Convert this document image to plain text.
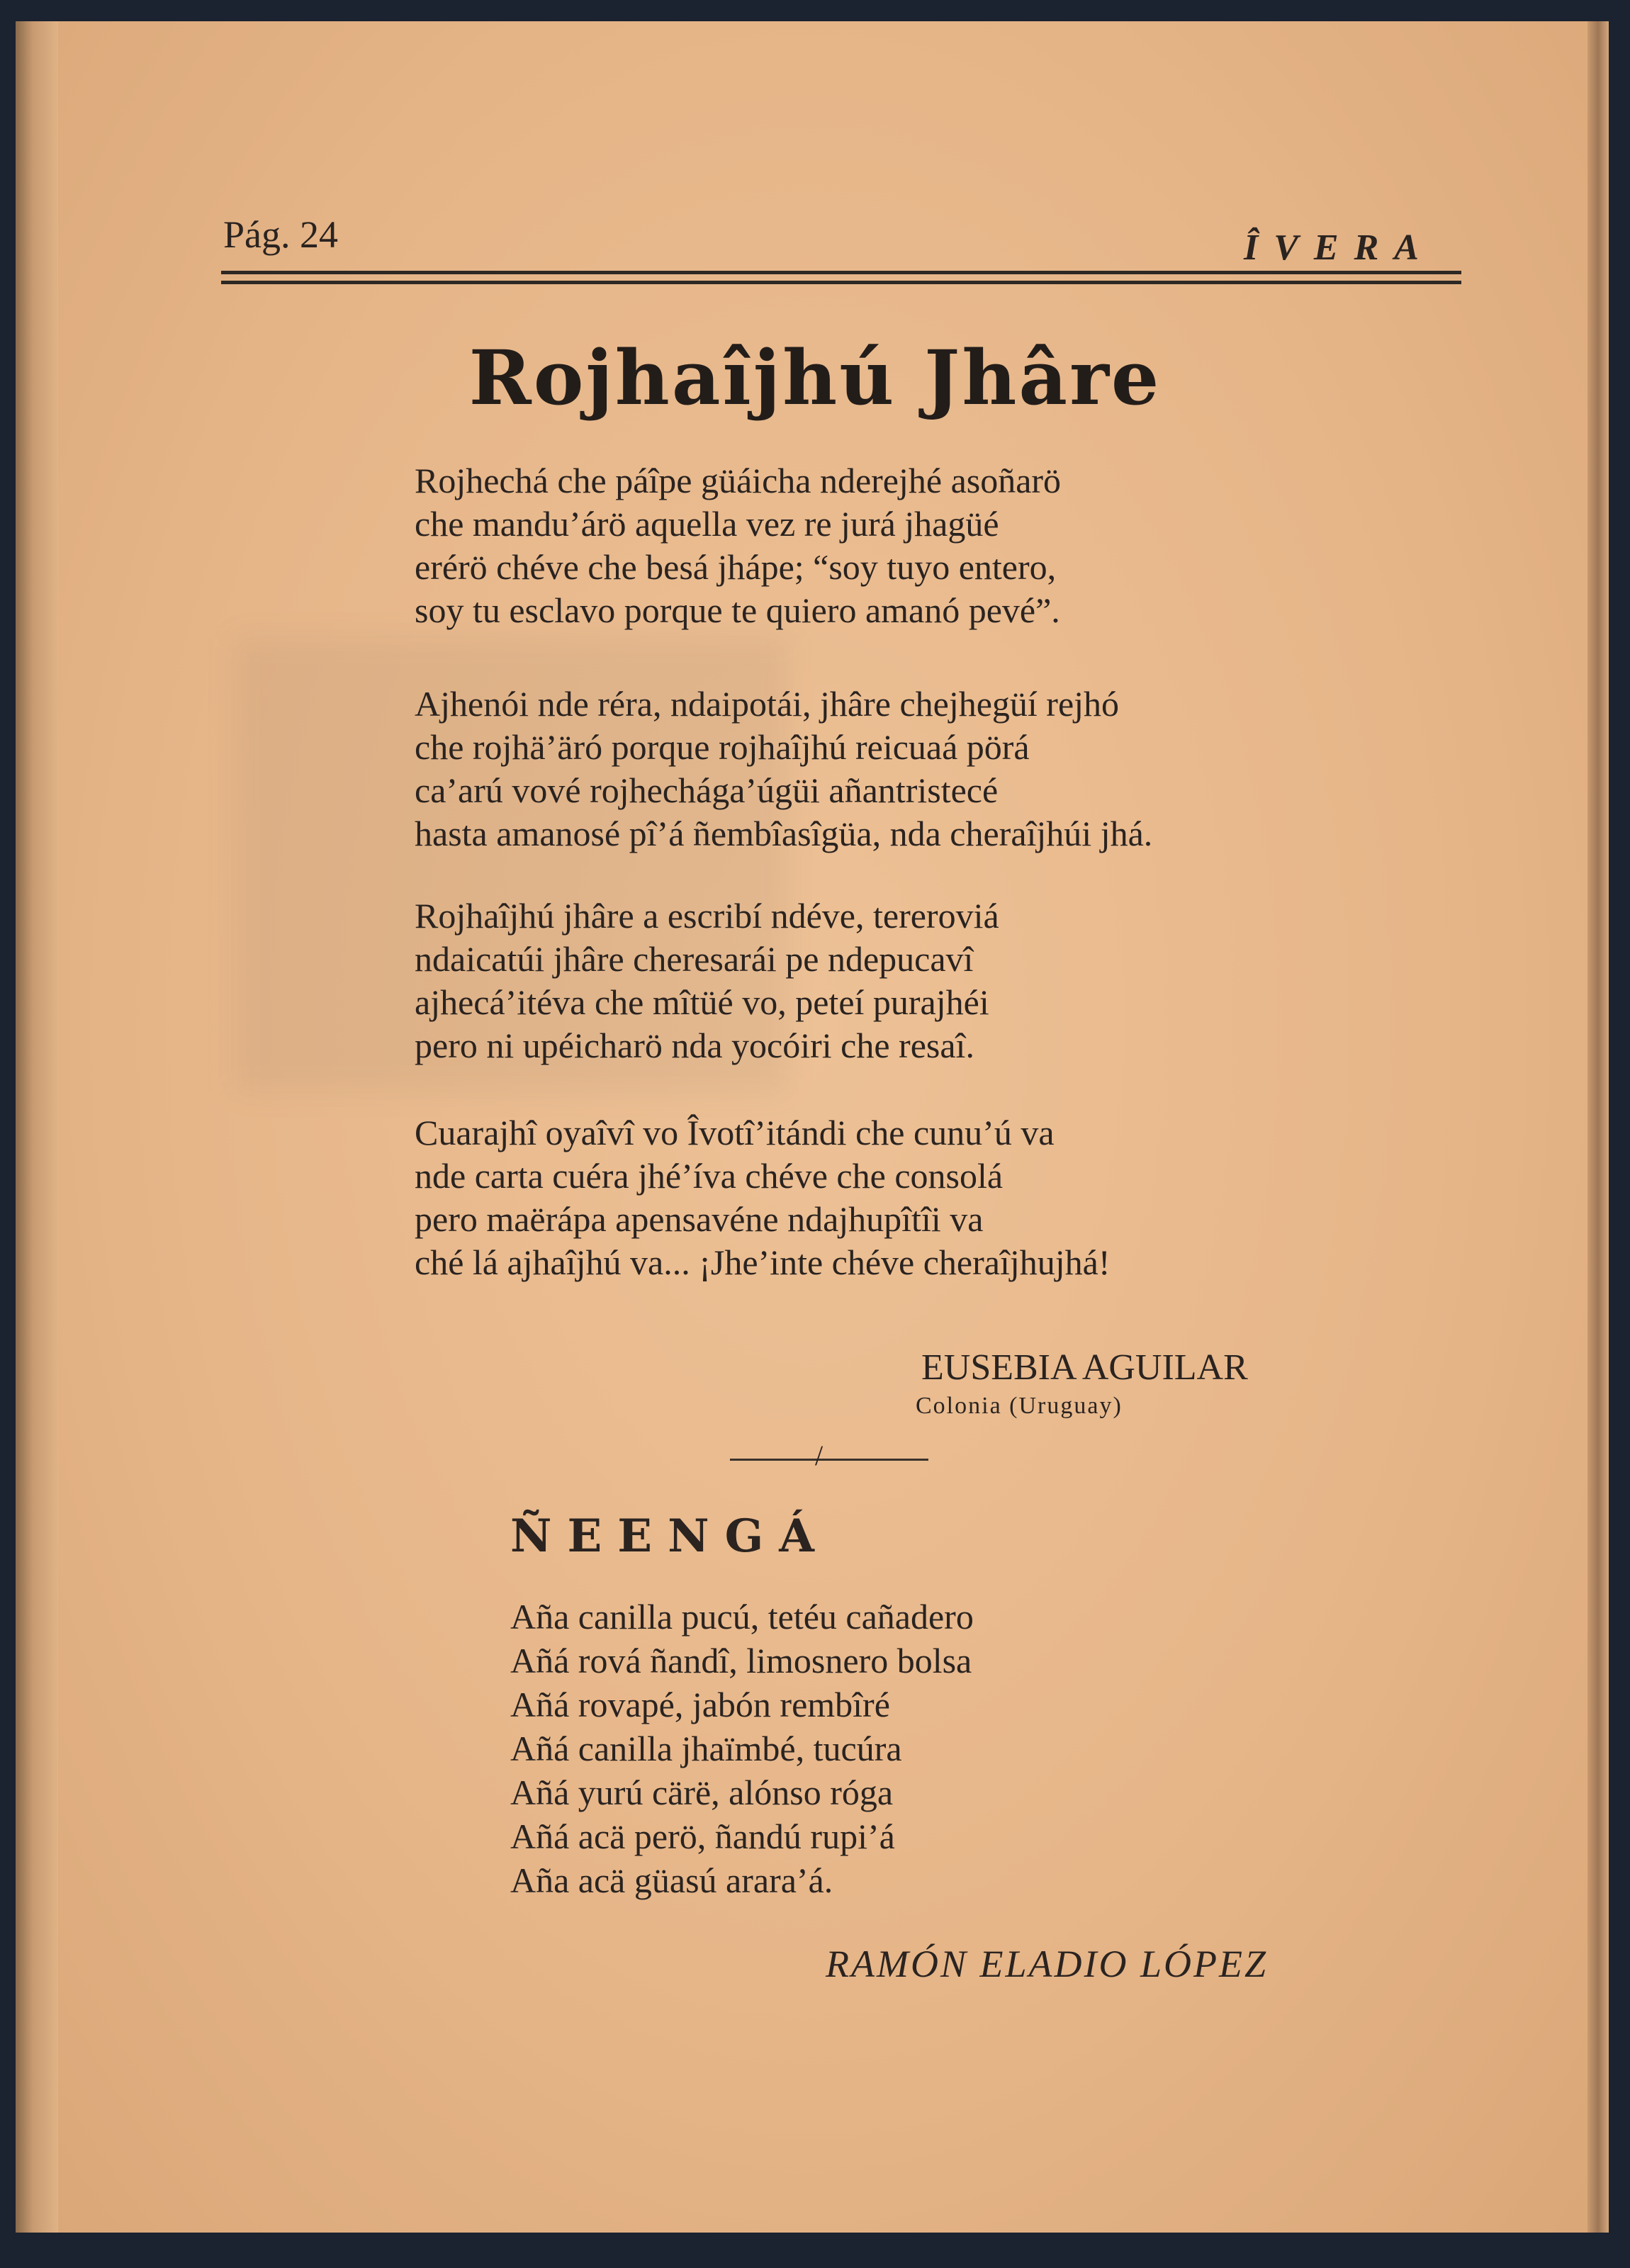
Pág. 24	ÎVERA
Rojhaîjhú Jhâre
Rojhechá che páîpe güáicha nderejhé asoñarö
che mandu’árö aquella vez re jurá jhagüé
erérö chéve che besá jhápe; “soy tuyo entero,
soy tu esclavo porque te quiero amanó pevé”.
Ajhenói nde réra, ndaipotái, jhâre chejhegüí rejhó
che rojhä’äró porque rojhaîjhú reicuaá pörá
ca’arú vové rojhechága’úgüi añantristecé
hasta amanosé pî’á ñembîasîgüa, nda cheraîjhúi jhá.
Rojhaîjhú jhâre a escribí ndéve, tereroviá
ndaicatúi jhâre cheresarái pe ndepucavî
ajhecá’itéva che mîtüé vo, peteí purajhéi
pero ni upéicharö nda yocóiri che resaî.
Cuarajhî oyaîvî vo Îvotî’itándi che cunu’ú va
nde carta cuéra jhé’íva chéve che consolá
pero maërápa apensavéne ndajhupîtîi va
ché lá ajhaîjhú va... ¡Jhe’inte chéve cheraîjhujhá!
EUSEBIA AGUILAR
Colonia (Uruguay)
/
ÑEENGÁ
Aña canilla pucú, tetéu cañadero
Añá rová ñandî, limosnero bolsa
Añá rovapé, jabón rembîré
Añá canilla jhaïmbé, tucúra
Añá yurú cärë, alónso róga
Añá acä perö, ñandú rupi’á
Aña acä güasú arara’á.
RAMÓN ELADIO LÓPEZ
